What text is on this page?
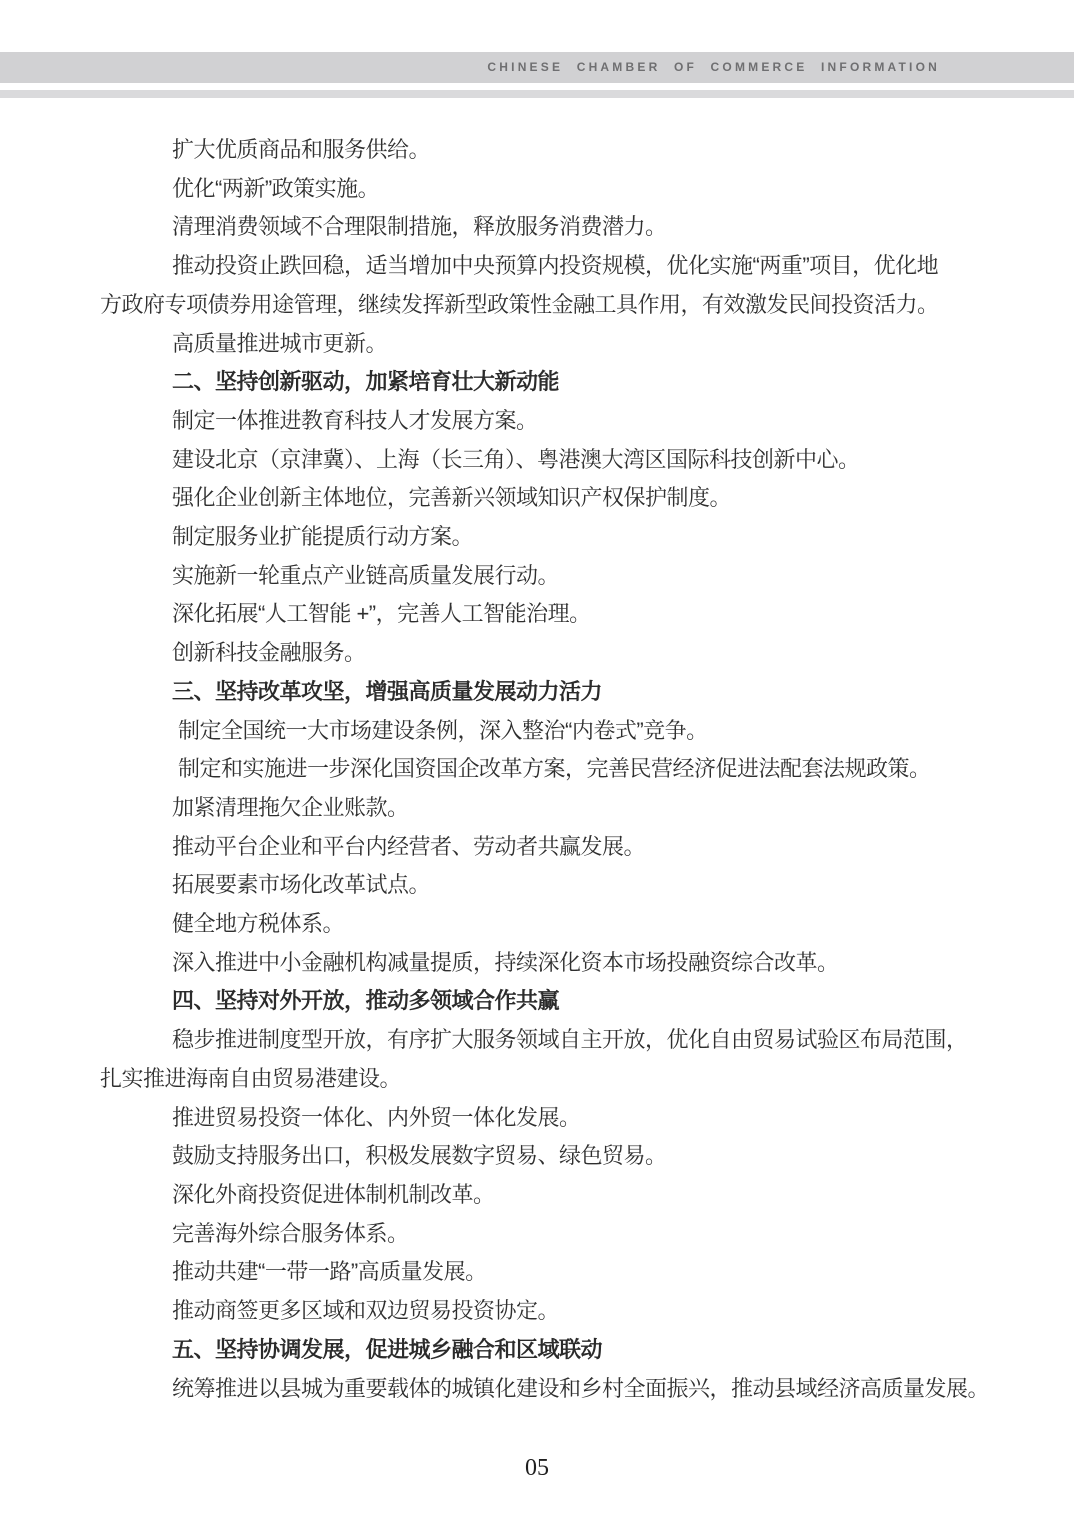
CHINESE CHAMBER OF COMMERCE INFORMATION
扩大优质商品和服务供给。
优化“两新”政策实施。
清理消费领域不合理限制措施，释放服务消费潜力。
推动投资止跌回稳，适当增加中央预算内投资规模，优化实施“两重”项目，优化地
方政府专项债券用途管理，继续发挥新型政策性金融工具作用，有效激发民间投资活力。
高质量推进城市更新。
二、坚持创新驱动，加紧培育壮大新动能
制定一体推进教育科技人才发展方案。
建设北京（京津冀）、上海（长三角）、粤港澳大湾区国际科技创新中心。
强化企业创新主体地位，完善新兴领域知识产权保护制度。
制定服务业扩能提质行动方案。
实施新一轮重点产业链高质量发展行动。
深化拓展“人工智能 +”，完善人工智能治理。
创新科技金融服务。
三、坚持改革攻坚，增强高质量发展动力活力
制定全国统一大市场建设条例，深入整治“内卷式”竞争。
制定和实施进一步深化国资国企改革方案，完善民营经济促进法配套法规政策。
加紧清理拖欠企业账款。
推动平台企业和平台内经营者、劳动者共赢发展。
拓展要素市场化改革试点。
健全地方税体系。
深入推进中小金融机构减量提质，持续深化资本市场投融资综合改革。
四、坚持对外开放，推动多领域合作共赢
稳步推进制度型开放，有序扩大服务领域自主开放，优化自由贸易试验区布局范围，
扎实推进海南自由贸易港建设。
推进贸易投资一体化、内外贸一体化发展。
鼓励支持服务出口，积极发展数字贸易、绿色贸易。
深化外商投资促进体制机制改革。
完善海外综合服务体系。
推动共建“一带一路”高质量发展。
推动商签更多区域和双边贸易投资协定。
五、坚持协调发展，促进城乡融合和区域联动
统筹推进以县城为重要载体的城镇化建设和乡村全面振兴，推动县域经济高质量发展。
05
